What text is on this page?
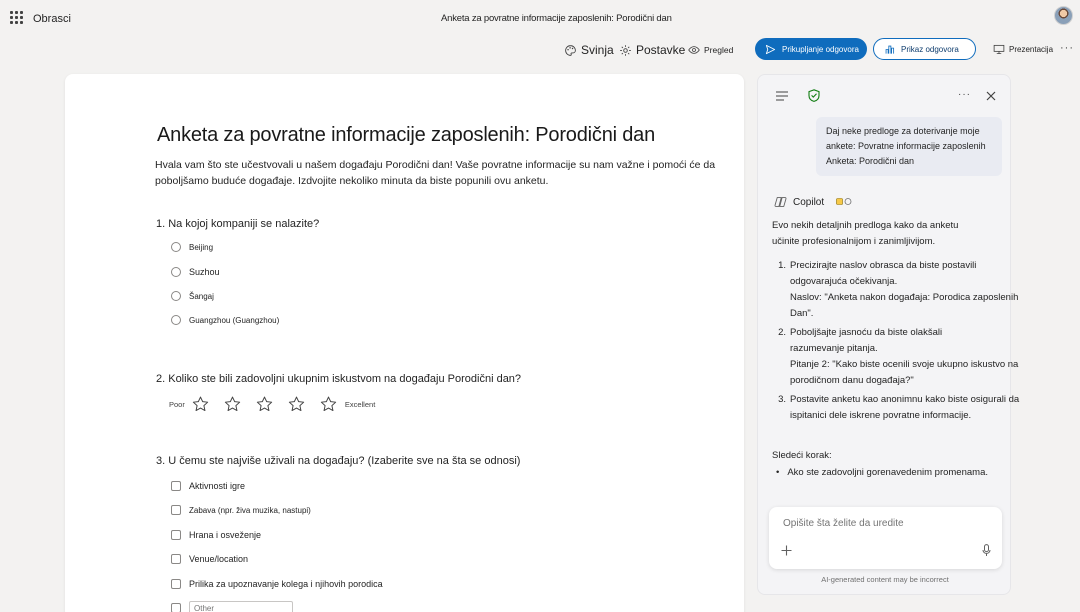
Obrasci	Anketa za povratne informacije zaposlenih: Porodični dan
Svinja Postavke Pregled	Prikupljanje odgovora	Prikaz odgovora	Prezentacija ···
Anketa za povratne informacije zaposlenih: Porodični dan
Hvala vam što ste učestvovali u našem događaju Porodični dan! Vaše povratne informacije su nam važne i pomoći će da poboljšamo buduće događaje. Izdvojite nekoliko minuta da biste popunili ovu anketu.
1. Na kojoj kompaniji se nalazite?
Beijing
Suzhou
Šangaj
Guangzhou (Guangzhou)
2. Koliko ste bili zadovoljni ukupnim iskustvom na događaju Porodični dan?
Poor	Excellent
3. U čemu ste najviše uživali na događaju? (Izaberite sve na šta se odnosi)
Aktivnosti igre
Zabava (npr. živa muzika, nastupi)
Hrana i osveženje
Venue/location
Prilika za upoznavanje kolega i njihovih porodica
Other
···
Daj neke predloge za doterivanje moje ankete: Povratne informacije zaposlenih Anketa: Porodični dan
Copilot
Evo nekih detaljnih predloga kako da anketu učinite profesionalnijom i zanimljivijom.
1. Precizirajte naslov obrasca da biste postavili odgovarajuća očekivanja.
Naslov: "Anketa nakon događaja: Porodica zaposlenih Dan".
2. Poboljšajte jasnoću da biste olakšali razumevanje pitanja.
Pitanje 2: "Kako biste ocenili svoje ukupno iskustvo na porodičnom danu događaja?"
3. Postavite anketu kao anonimnu kako biste osigurali da ispitanici dele iskrene povratne informacije.
Sledeći korak:
• Ako ste zadovoljni gorenavedenim promenama.
Opišite šta želite da uredite
AI-generated content may be incorrect
